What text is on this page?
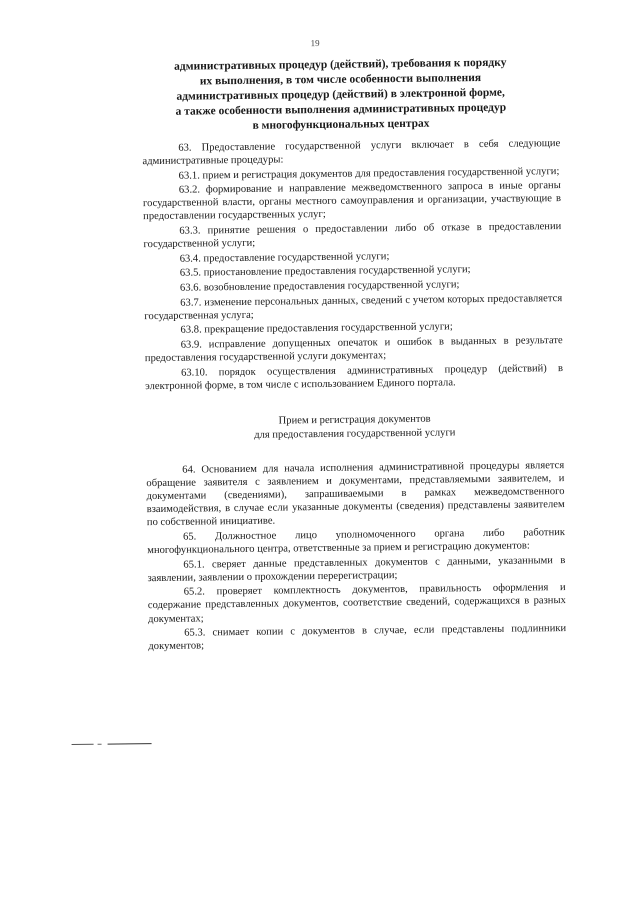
19
административных процедур (действий), требования к порядку
их выполнения, в том числе особенности выполнения
административных процедур (действий) в электронной форме,
а также особенности выполнения административных процедур
в многофункциональных центрах

63. Предоставление государственной услуги включает в себя следующие административные процедуры:

63.1. прием и регистрация документов для предоставления государственной услуги;

63.2. формирование и направление межведомственного запроса в иные органы государственной власти, органы местного самоуправления и организации, участвующие в предоставлении государственных услуг;

63.3. принятие решения о предоставлении либо об отказе в предоставлении государственной услуги;

63.4. предоставление государственной услуги;

63.5. приостановление предоставления государственной услуги;

63.6. возобновление предоставления государственной услуги;

63.7. изменение персональных данных, сведений с учетом которых предоставляется государственная услуга;

63.8. прекращение предоставления государственной услуги;

63.9. исправление допущенных опечаток и ошибок в выданных в результате предоставления государственной услуги документах;

63.10. порядок осуществления административных процедур (действий) в электронной форме, в том числе с использованием Единого портала.

Прием и регистрация документов
для предоставления государственной услуги

64. Основанием для начала исполнения административной процедуры является обращение заявителя с заявлением и документами, представляемыми заявителем, и документами (сведениями), запрашиваемыми в рамках межведомственного взаимодействия, в случае если указанные документы (сведения) представлены заявителем по собственной инициативе.

65. Должностное лицо уполномоченного органа либо работник многофункционального центра, ответственные за прием и регистрацию документов:

65.1. сверяет данные представленных документов с данными, указанными в заявлении, заявлении о прохождении перерегистрации;

65.2. проверяет комплектность документов, правильность оформления и содержание представленных документов, соответствие сведений, содержащихся в разных документах;

65.3. снимает копии с документов в случае, если представлены подлинники документов;
